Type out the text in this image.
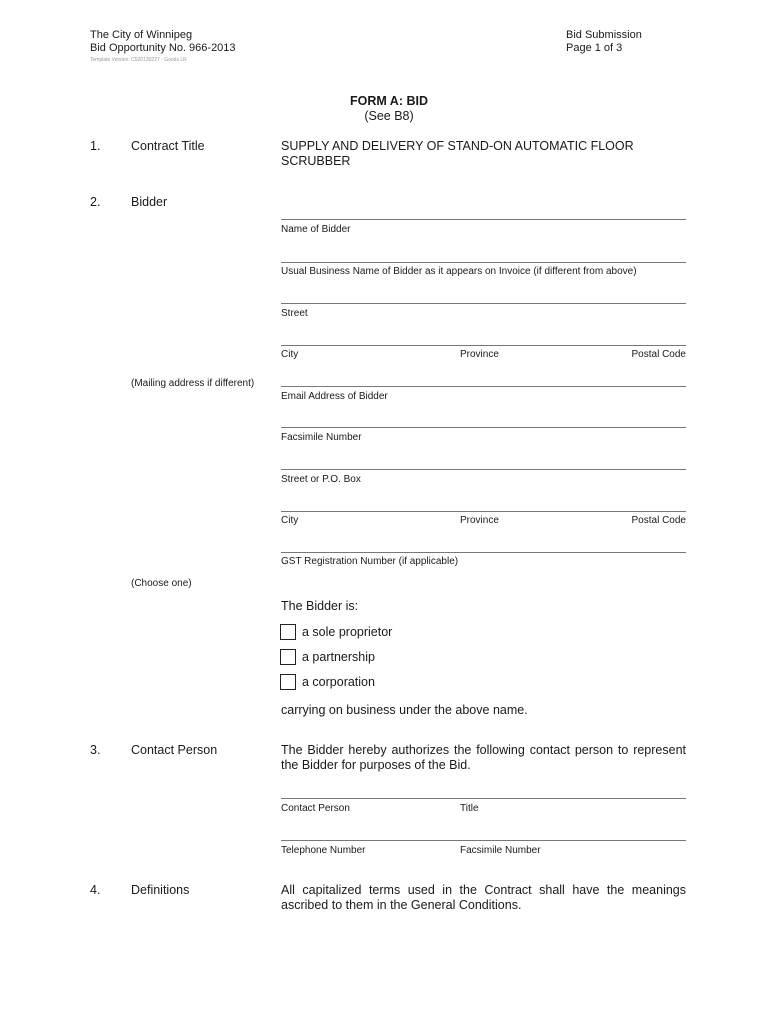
The City of Winnipeg
Bid Opportunity No. 966-2013
Bid Submission
Page 1 of 3
Template Version: C520130227 - Goods LR
FORM A: BID
(See B8)
1. Contract Title	SUPPLY AND DELIVERY OF STAND-ON AUTOMATIC FLOOR
SCRUBBER
2. Bidder
Name of Bidder
Usual Business Name of Bidder as it appears on Invoice (if different from above)
Street
City	Province	Postal Code
(Mailing address if different)
Email Address of Bidder
Facsimile Number
Street or P.O. Box
City	Province	Postal Code
GST Registration Number (if applicable)
(Choose one)
The Bidder is:
a sole proprietor
a partnership
a corporation
carrying on business under the above name.
3. Contact Person	The Bidder hereby authorizes the following contact person to represent
the Bidder for purposes of the Bid.
Contact Person	Title
Telephone Number	Facsimile Number
4. Definitions	All capitalized terms used in the Contract shall have the meanings
ascribed to them in the General Conditions.
